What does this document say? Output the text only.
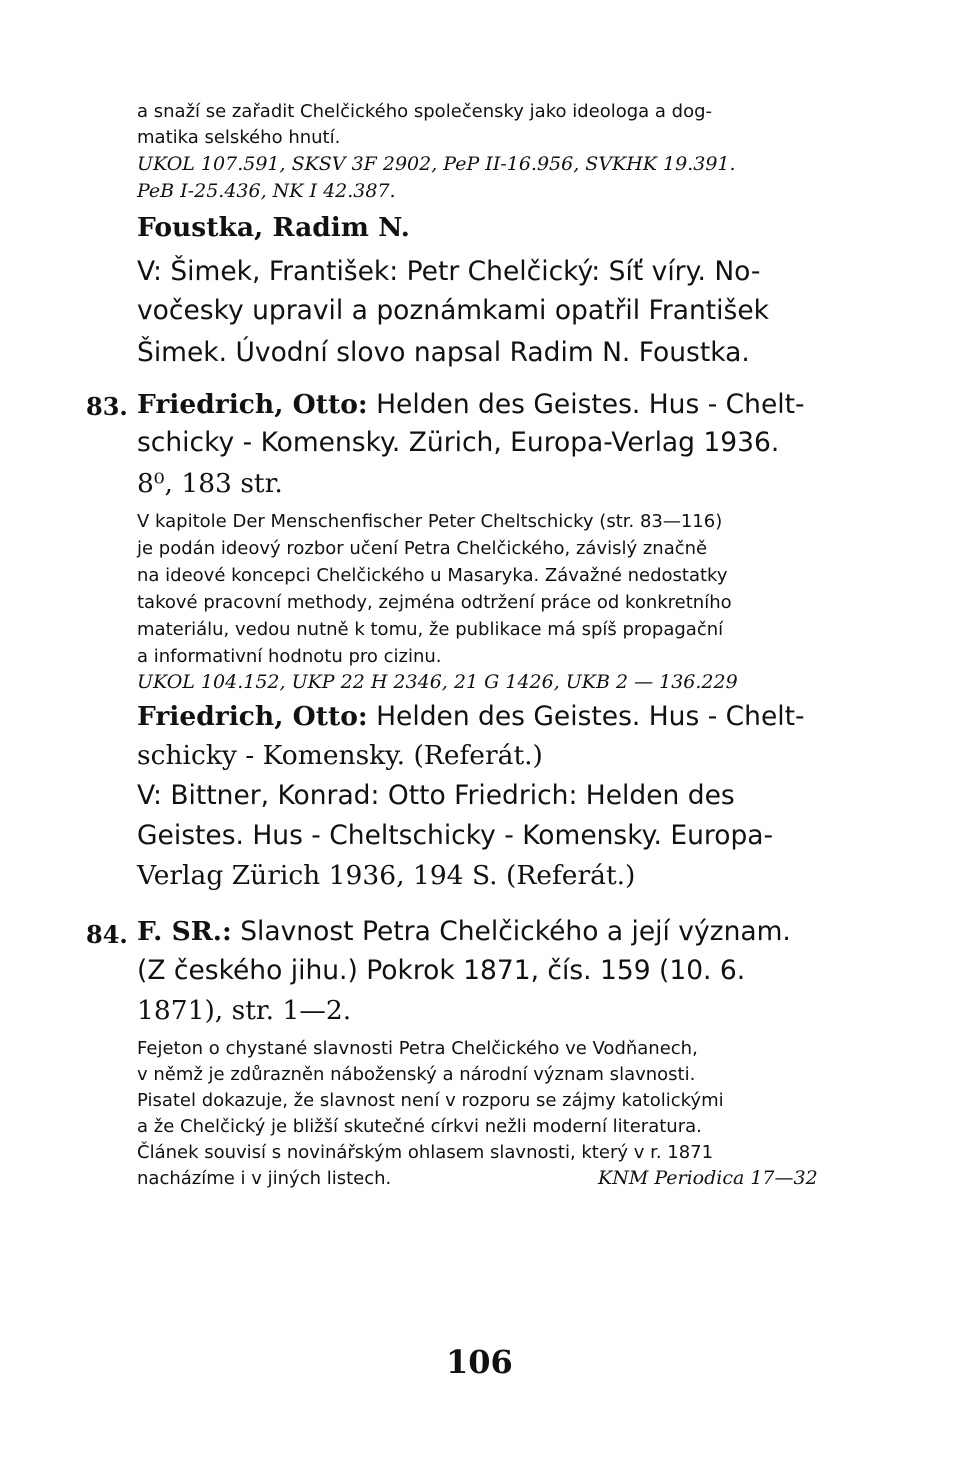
a snaží se zařadit Chelčického společensky jako ideologa a dog-
matika selského hnutí.
UKOL 107.591, SKSV 3F 2902, PeP II-16.956, SVKHK 19.391.
PeB I-25.436, NK I 42.387.
Foustka, Radim N.
V: Šimek, František: Petr Chelčický: Síť víry. No-
vočesky upravil a poznámkami opatřil František
Šimek. Úvodní slovo napsal Radim N. Foustka.
83. Friedrich, Otto: Helden des Geistes. Hus - Chelt-
schicky - Komensky. Zürich, Europa-Verlag 1936.
8⁰, 183 str.
V kapitole Der Menschenfischer Peter Cheltschicky (str. 83—116)
je podán ideový rozbor učení Petra Chelčického, závislý značně
na ideové koncepci Chelčického u Masaryka. Závažné nedostatky
takové pracovní methody, zejména odtržení práce od konkretního
materiálu, vedou nutně k tomu, že publikace má spíš propagační
a informativní hodnotu pro cizinu.
UKOL 104.152, UKP 22 H 2346, 21 G 1426, UKB 2 — 136.229
Friedrich, Otto: Helden des Geistes. Hus - Chelt-
schicky - Komensky. (Referát.)
V: Bittner, Konrad: Otto Friedrich: Helden des
Geistes. Hus - Cheltschicky - Komensky. Europa-
Verlag Zürich 1936, 194 S. (Referát.)
84. F. SR.: Slavnost Petra Chelčického a její význam.
(Z českého jihu.) Pokrok 1871, čís. 159 (10. 6.
1871), str. 1—2.
Fejeton o chystané slavnosti Petra Chelčického ve Vodňanech,
v němž je zdůrazněn náboženský a národní význam slavnosti.
Pisatel dokazuje, že slavnost není v rozporu se zájmy katolickými
a že Chelčický je bližší skutečné církvi nežli moderní literatura.
Článek souvisí s novinářským ohlasem slavnosti, který v r. 1871
nacházíme i v jiných listech.	KNM Periodica 17—32
106
